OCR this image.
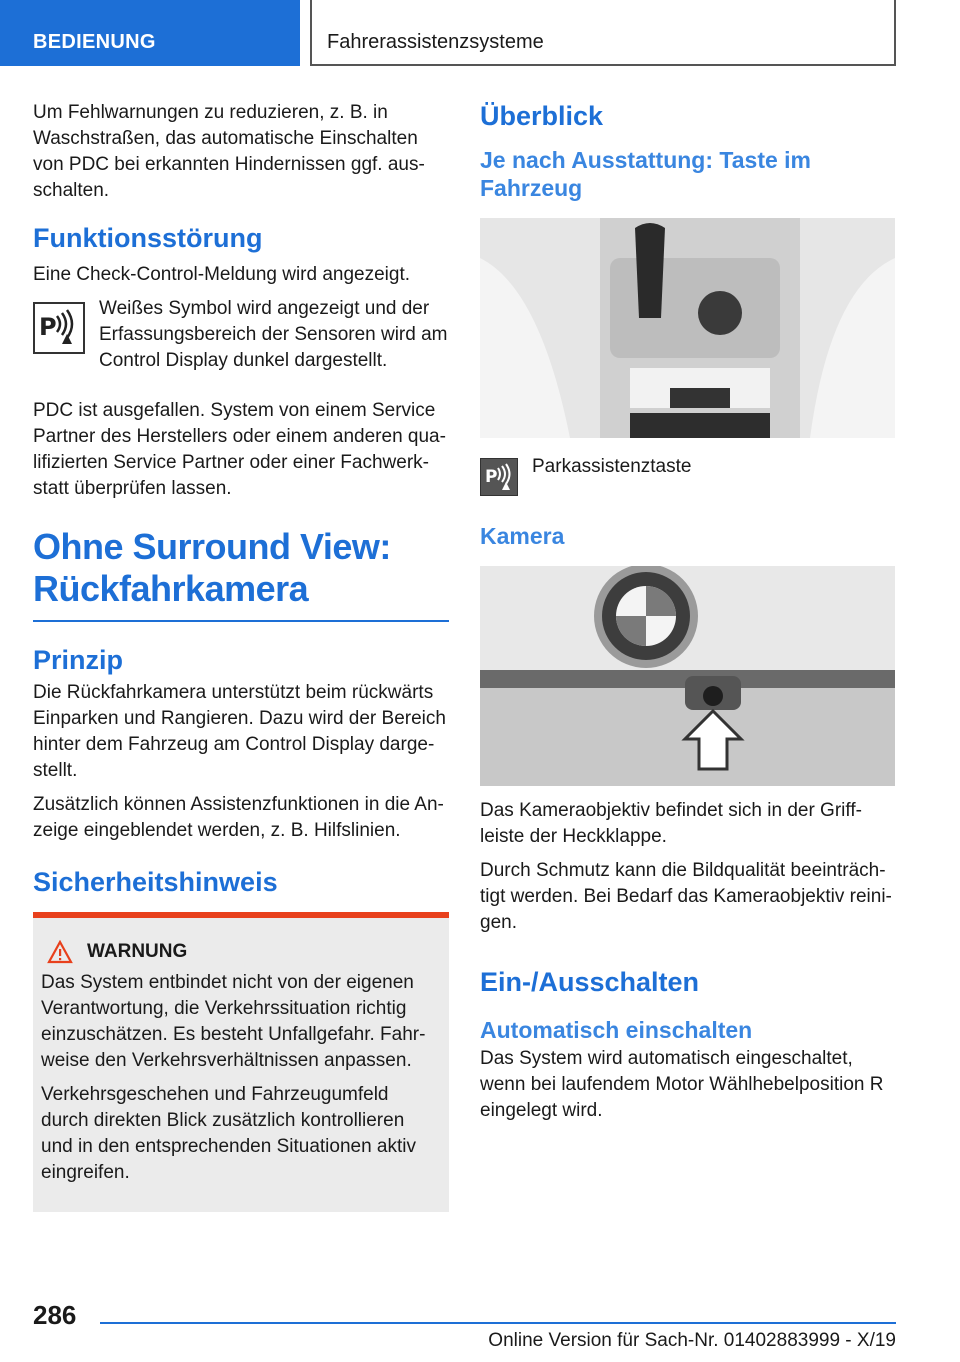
BEDIENUNG	Fahrerassistenzsysteme

Um Fehlwarnungen zu reduzieren, z. B. in Waschstraßen, das automatische Einschalten von PDC bei erkannten Hindernissen ggf. ausschalten.

Funktionsstörung

Eine Check-Control-Meldung wird angezeigt.

P

Weißes Symbol wird angezeigt und der Erfassungsbereich der Sensoren wird am Control Display dunkel dargestellt.

PDC ist ausgefallen. System von einem Service Partner des Herstellers oder einem anderen qualifizierten Service Partner oder einer Fachwerkstatt überprüfen lassen.

Ohne Surround View: Rückfahrkamera
Prinzip

Die Rückfahrkamera unterstützt beim rückwärts Einparken und Rangieren. Dazu wird der Bereich hinter dem Fahrzeug am Control Display dargestellt.

Zusätzlich können Assistenzfunktionen in die Anzeige eingeblendet werden, z. B. Hilfslinien.

Sicherheitshinweis
WARNUNG

Das System entbindet nicht von der eigenen Verantwortung, die Verkehrssituation richtig einzuschätzen. Es besteht Unfallgefahr. Fahrweise den Verkehrsverhältnissen anpassen.

Verkehrsgeschehen und Fahrzeugumfeld durch direkten Blick zusätzlich kontrollieren und in den entsprechenden Situationen aktiv eingreifen.

Überblick
Je nach Ausstattung: Taste im Fahrzeug
P Parkassistenztaste

Kamera

Das Kameraobjektiv befindet sich in der Griffleiste der Heckklappe.

Durch Schmutz kann die Bildqualität beeinträchtigt werden. Bei Bedarf das Kameraobjektiv reinigen.

Ein-/Ausschalten
Automatisch einschalten

Das System wird automatisch eingeschaltet, wenn bei laufendem Motor Wählhebelposition R eingelegt wird.

286
Online Version für Sach-Nr. 01402883999 - X/19
